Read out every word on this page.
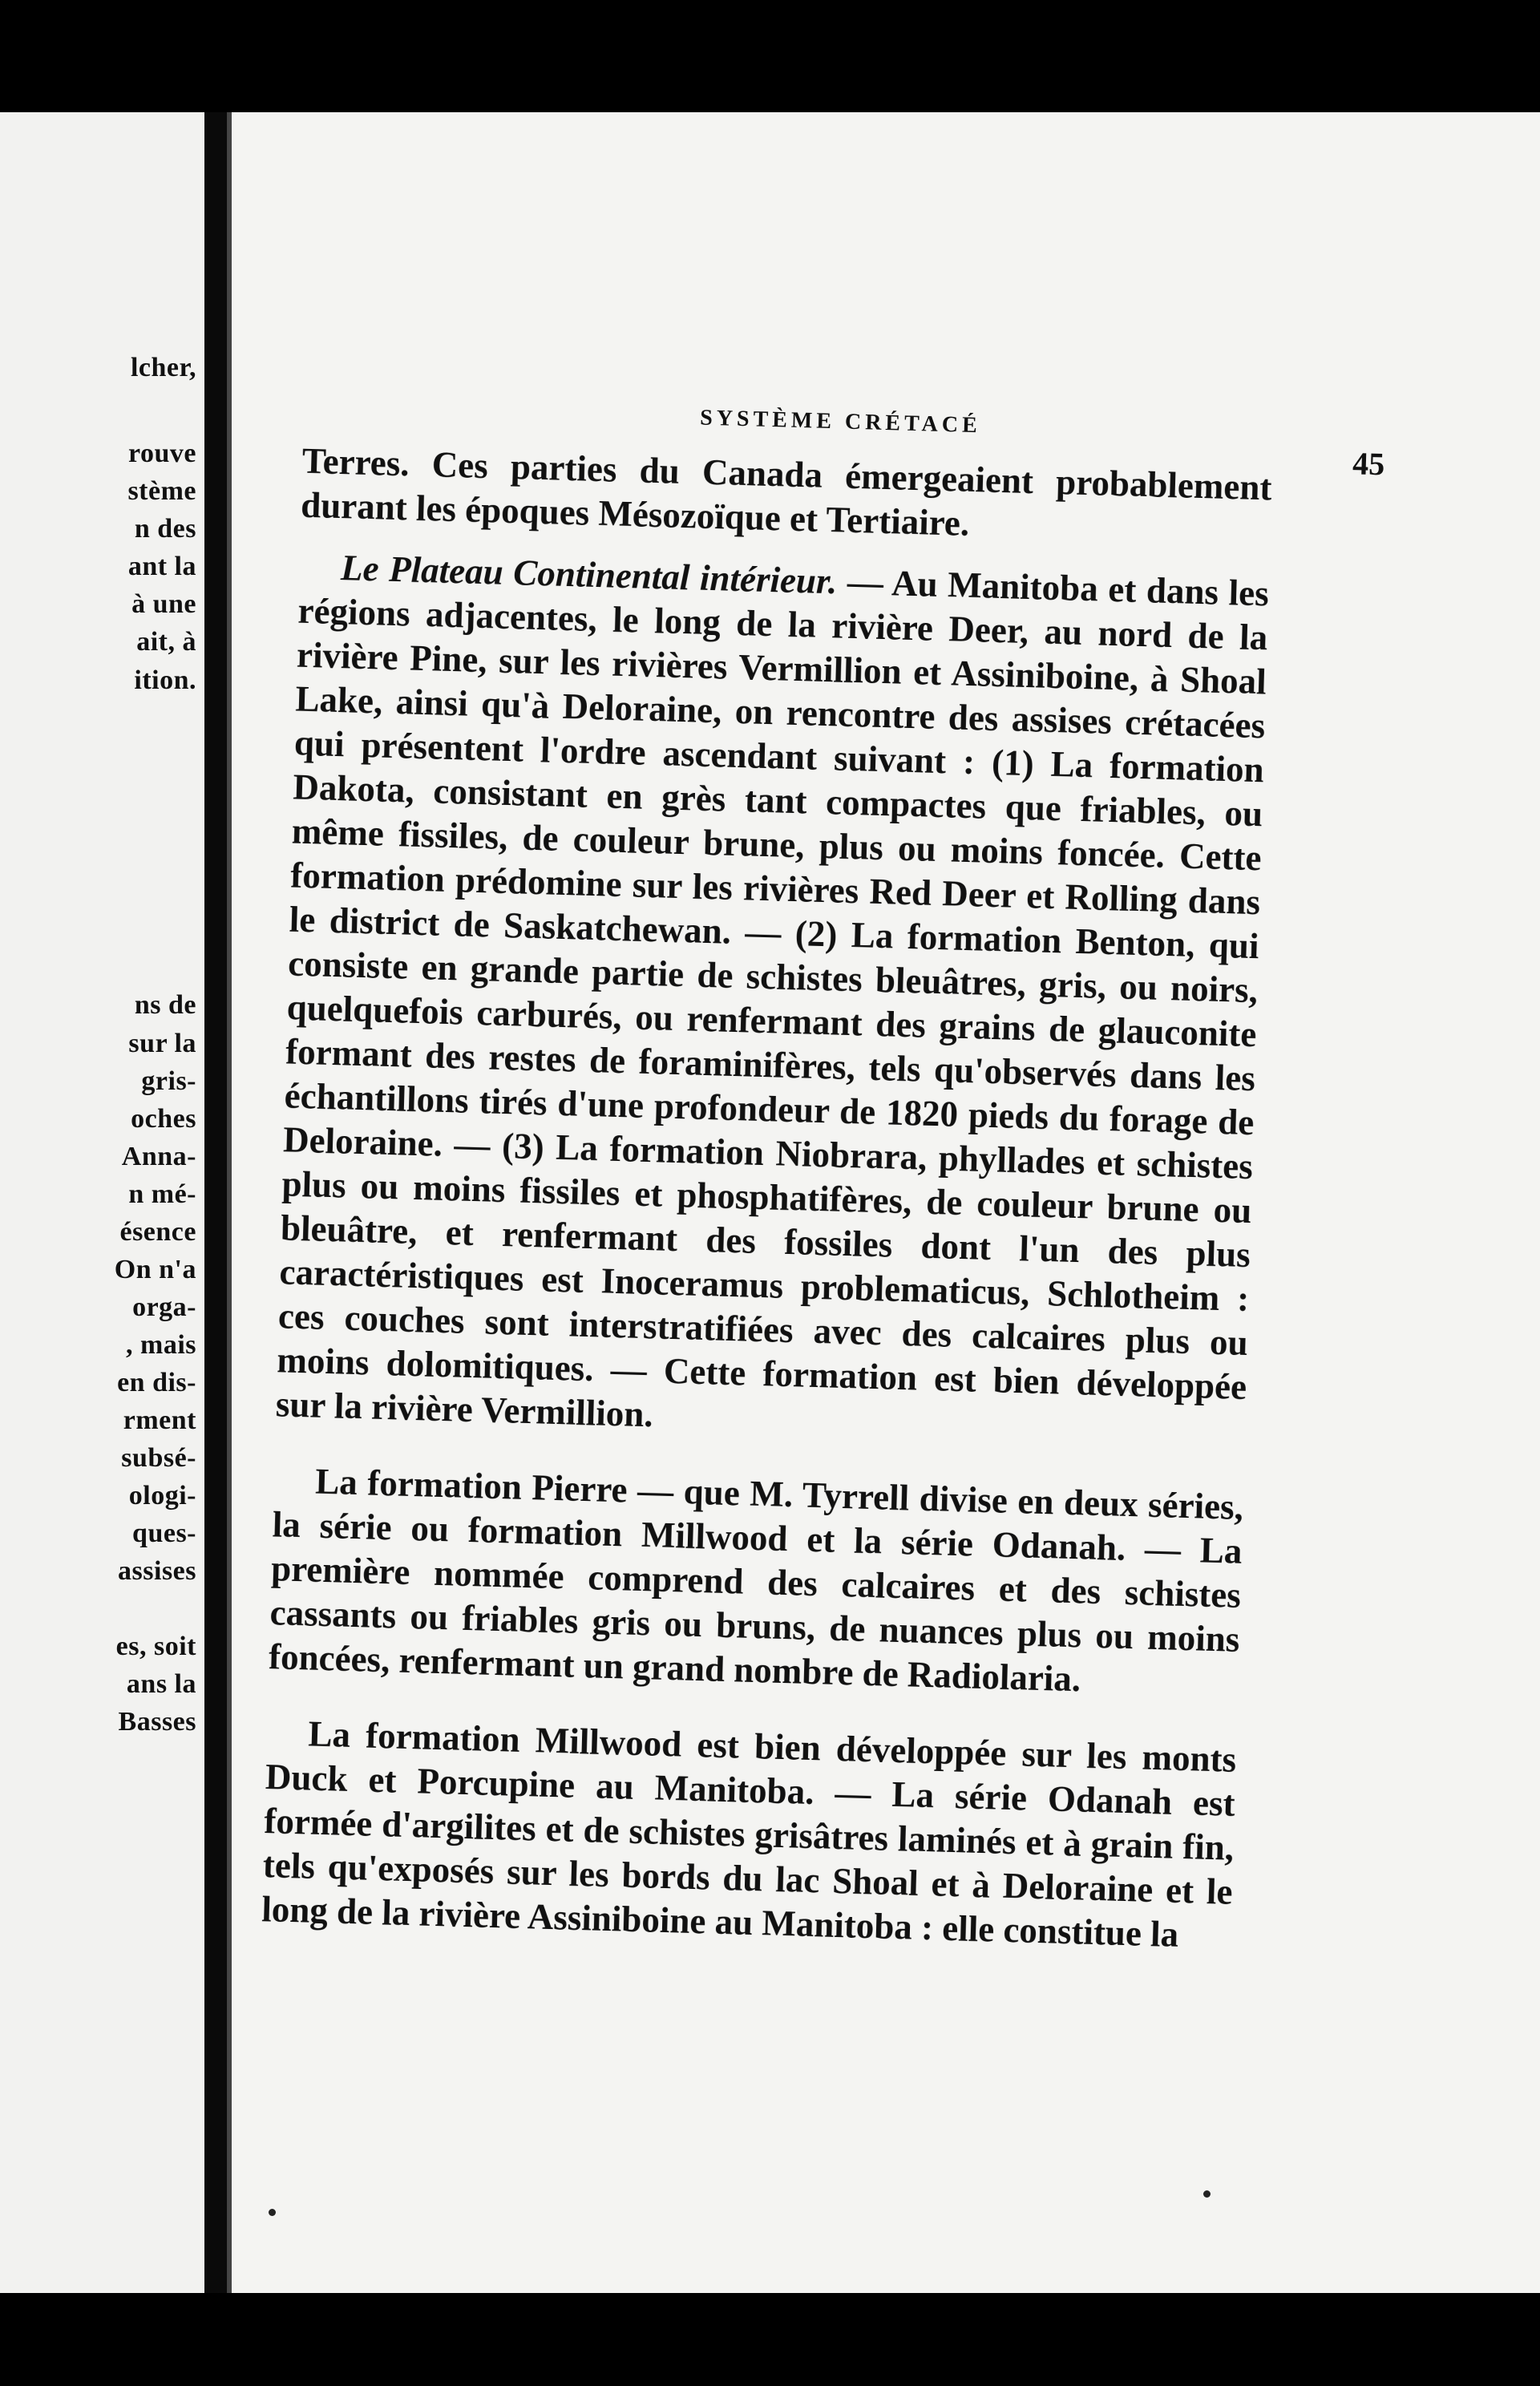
lcher,
rouve
stème
n des
ant la
à une
ait, à
ition.
ns de
sur la
gris-
oches
Anna-
n mé-
ésence
On n'a
orga-
, mais
en dis-
rment
subsé-
ologi-
ques-
assises
es, soit
ans la
Basses
SYSTÈME CRÉTACÉ
45

Terres. Ces parties du Canada émergeaient probablement durant les époques Mésozoïque et Tertiaire.

Le Plateau Continental intérieur. — Au Manitoba et dans les régions adjacentes, le long de la rivière Deer, au nord de la rivière Pine, sur les rivières Vermillion et Assiniboine, à Shoal Lake, ainsi qu'à Deloraine, on rencontre des assises crétacées qui présentent l'ordre ascendant suivant : (1) La formation Dakota, consistant en grès tant compactes que friables, ou même fissiles, de couleur brune, plus ou moins foncée. Cette formation prédomine sur les rivières Red Deer et Rolling dans le district de Saskatchewan. — (2) La formation Benton, qui consiste en grande partie de schistes bleuâtres, gris, ou noirs, quelquefois carburés, ou renfermant des grains de glauconite formant des restes de foraminifères, tels qu'observés dans les échantillons tirés d'une profondeur de 1820 pieds du forage de Deloraine. — (3) La formation Niobrara, phyllades et schistes plus ou moins fissiles et phosphatifères, de couleur brune ou bleuâtre, et renfermant des fossiles dont l'un des plus caractéristiques est Inoceramus problematicus, Schlotheim : ces couches sont interstratifiées avec des calcaires plus ou moins dolomitiques. — Cette formation est bien développée sur la rivière Vermillion.

La formation Pierre — que M. Tyrrell divise en deux séries, la série ou formation Millwood et la série Odanah. — La première nommée comprend des calcaires et des schistes cassants ou friables gris ou bruns, de nuances plus ou moins foncées, renfermant un grand nombre de Radiolaria.

La formation Millwood est bien développée sur les monts Duck et Porcupine au Manitoba. — La série Odanah est formée d'argilites et de schistes grisâtres laminés et à grain fin, tels qu'exposés sur les bords du lac Shoal et à Deloraine et le long de la rivière Assiniboine au Manitoba : elle constitue la
